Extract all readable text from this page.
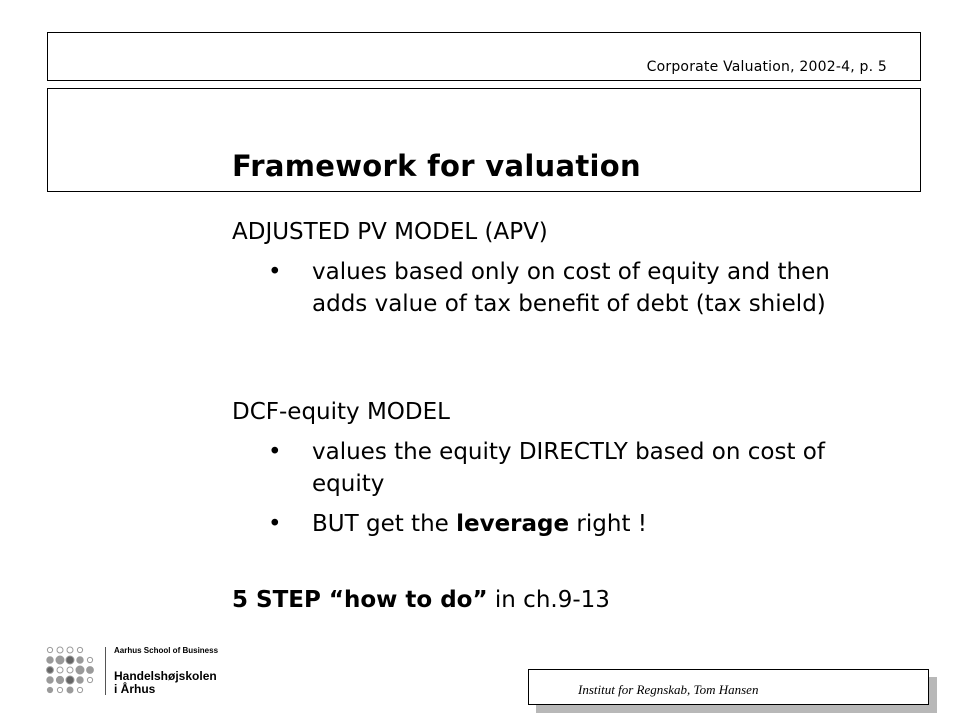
Corporate Valuation, 2002-4, p. 5
Framework for valuation
ADJUSTED PV MODEL (APV)
•	values based only on cost of equity and then adds value of tax benefit of debt (tax shield)
DCF-equity MODEL
•	values the equity DIRECTLY based on cost of equity
•	BUT get the leverage right !
5 STEP “how to do” in ch.9-13
Aarhus School of Business
Handelshøjskolen
i Århus	Institut for Regnskab, Tom Hansen
